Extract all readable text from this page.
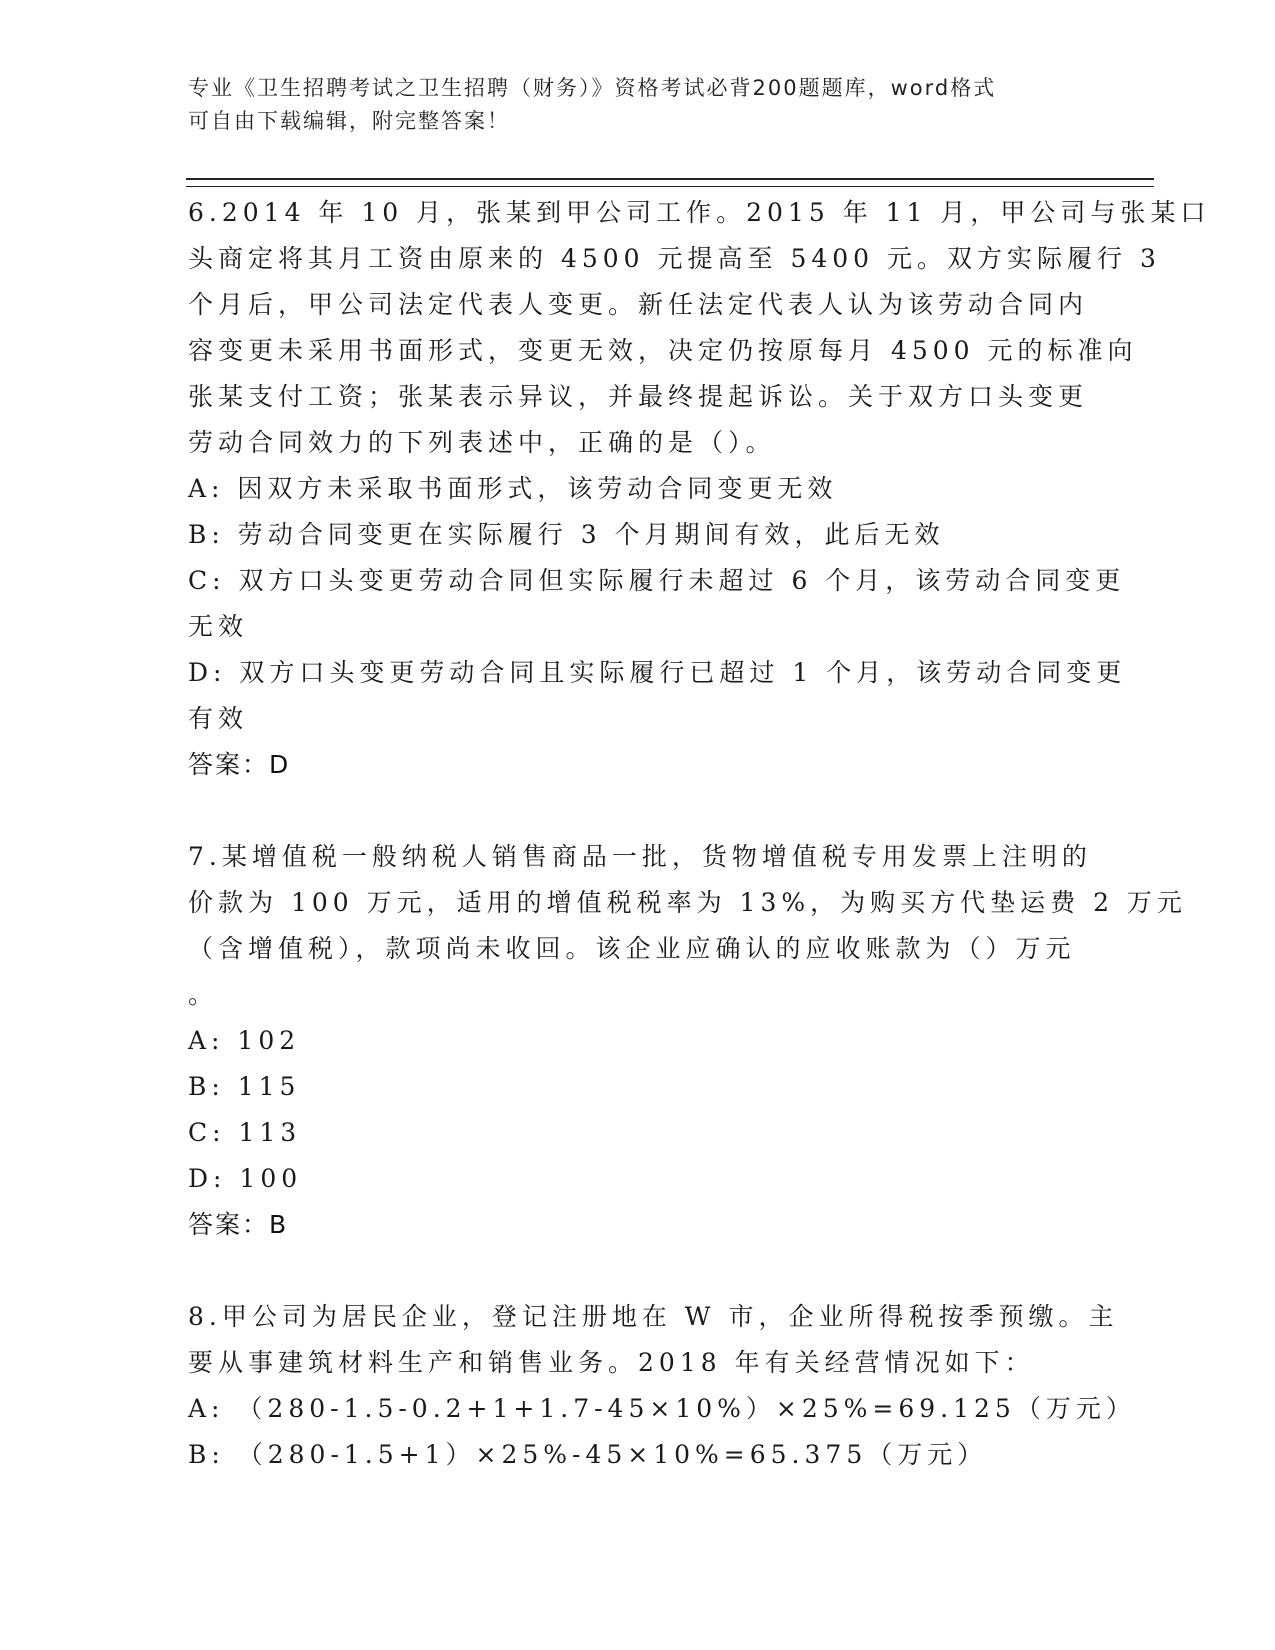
专业《卫生招聘考试之卫生招聘（财务）》资格考试必背200题题库，word格式
可自由下载编辑，附完整答案！
6.2014 年 10 月，张某到甲公司工作。2015 年 11 月，甲公司与张某口
头商定将其月工资由原来的 4500 元提高至 5400 元。双方实际履行 3
个月后，甲公司法定代表人变更。新任法定代表人认为该劳动合同内
容变更未采用书面形式，变更无效，决定仍按原每月 4500 元的标准向
张某支付工资；张某表示异议，并最终提起诉讼。关于双方口头变更
劳动合同效力的下列表述中，正确的是（）。
A: 因双方未采取书面形式，该劳动合同变更无效
B: 劳动合同变更在实际履行 3 个月期间有效，此后无效
C: 双方口头变更劳动合同但实际履行未超过 6 个月，该劳动合同变更
无效
D: 双方口头变更劳动合同且实际履行已超过 1 个月，该劳动合同变更
有效
答案：D
7.某增值税一般纳税人销售商品一批，货物增值税专用发票上注明的
价款为 100 万元，适用的增值税税率为 13%，为购买方代垫运费 2 万元
（含增值税），款项尚未收回。该企业应确认的应收账款为（）万元
。
A: 102
B: 115
C: 113
D: 100
答案：B
8.甲公司为居民企业，登记注册地在 W 市，企业所得税按季预缴。主
要从事建筑材料生产和销售业务。2018 年有关经营情况如下：
A: （280-1.5-0.2+1+1.7-45×10%）×25%=69.125（万元）
B: （280-1.5+1）×25%-45×10%=65.375（万元）
